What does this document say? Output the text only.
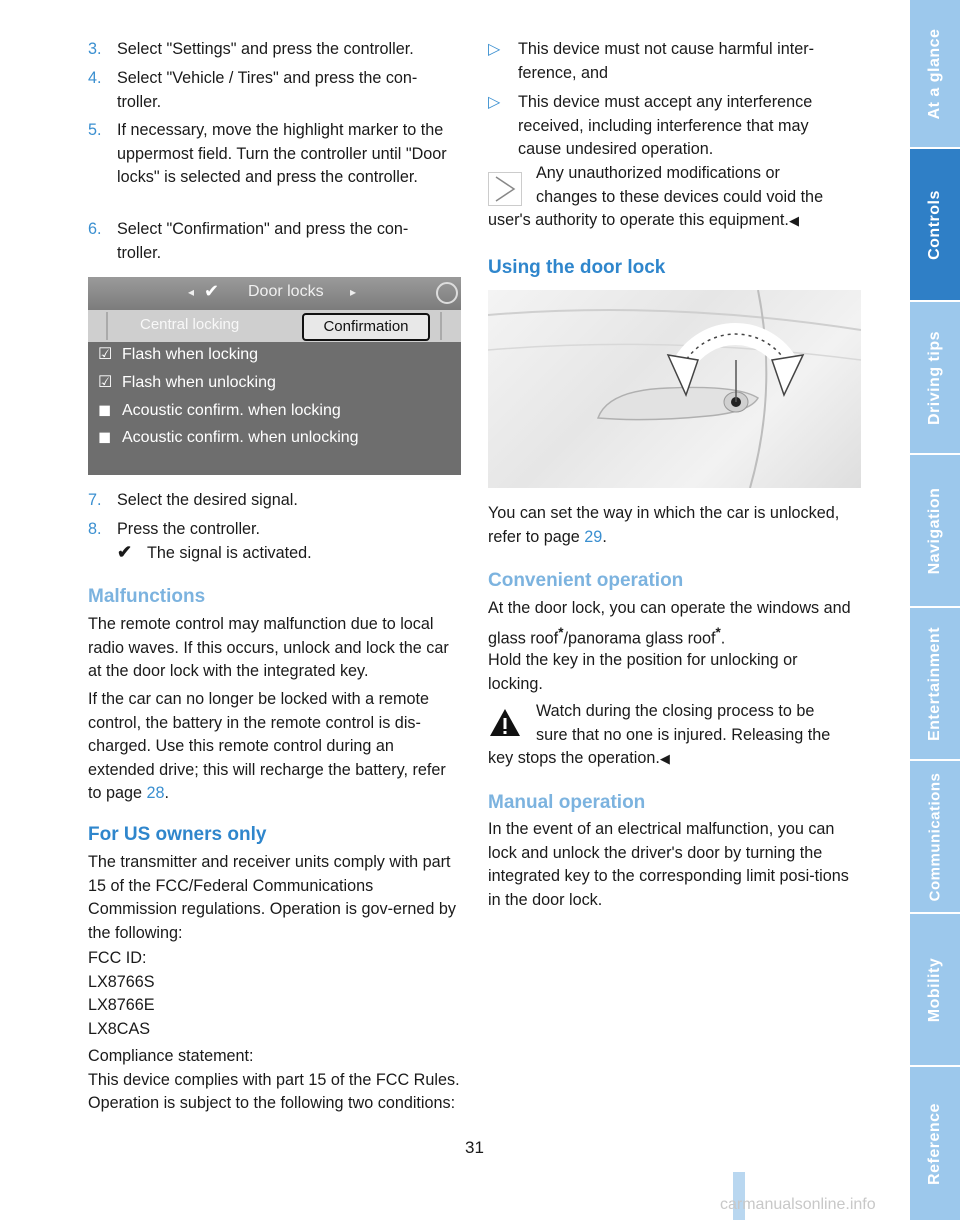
At a glance
Controls
Driving tips
Navigation
Entertainment
Communications
Mobility
Reference
3. Select "Settings" and press the controller.
4. Select "Vehicle / Tires" and press the con-troller.
5. If necessary, move the highlight marker to the uppermost field. Turn the controller until "Door locks" is selected and press the controller.
6. Select "Confirmation" and press the con-troller.
◂ ✔ Door locks ▸
Central locking	Confirmation
☑ Flash when locking
☑ Flash when unlocking
◼ Acoustic confirm. when locking
◼ Acoustic confirm. when unlocking
7. Select the desired signal.
8. Press the controller.
✔ The signal is activated.
Malfunctions
The remote control may malfunction due to local radio waves. If this occurs, unlock and lock the car at the door lock with the integrated key.
If the car can no longer be locked with a remote control, the battery in the remote control is dis-charged. Use this remote control during an extended drive; this will recharge the battery, refer to page 28.
For US owners only
The transmitter and receiver units comply with part 15 of the FCC/Federal Communications Commission regulations. Operation is gov-erned by the following:
FCC ID:
LX8766S
LX8766E
LX8CAS
Compliance statement:
This device complies with part 15 of the FCC Rules. Operation is subject to the following two conditions:
▷ This device must not cause harmful inter-ference, and
▷ This device must accept any interference received, including interference that may cause undesired operation.
Any unauthorized modifications or
changes to these devices could void the
user's authority to operate this equipment.◀
Using the door lock
You can set the way in which the car is unlocked, refer to page 29.
Convenient operation
At the door lock, you can operate the windows and glass roof*/panorama glass roof*.
Hold the key in the position for unlocking or locking.
Watch during the closing process to be
sure that no one is injured. Releasing the
key stops the operation.◀
Manual operation
In the event of an electrical malfunction, you can lock and unlock the driver's door by turning the integrated key to the corresponding limit posi-tions in the door lock.
31
carmanualsonline.info
